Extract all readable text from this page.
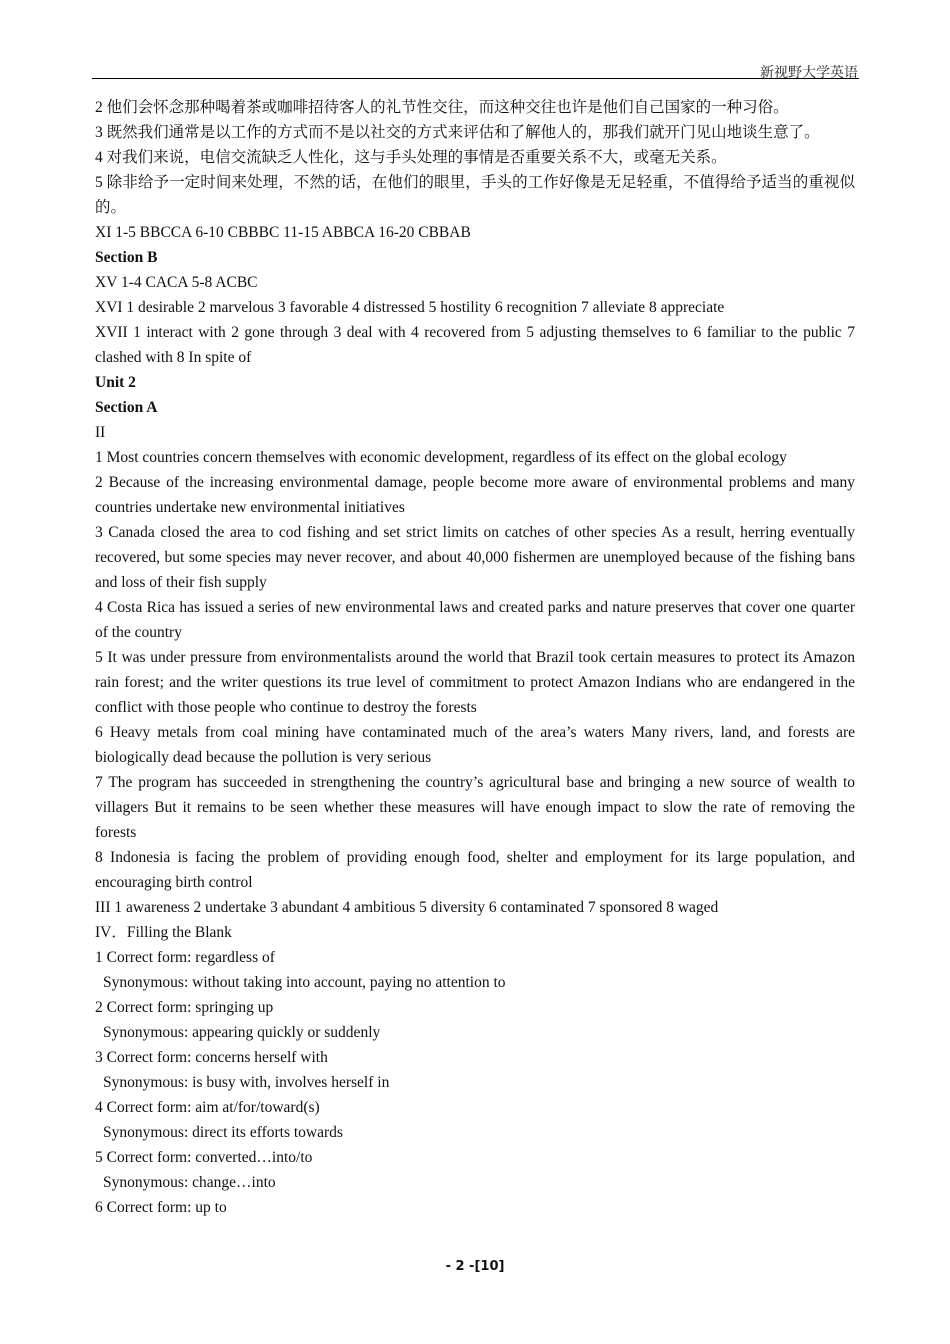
新视野大学英语

2 他们会怀念那种喝着茶或咖啡招待客人的礼节性交往，而这种交往也许是他们自己国家的一种习俗。

3 既然我们通常是以工作的方式而不是以社交的方式来评估和了解他人的，那我们就开门见山地谈生意了。

4 对我们来说，电信交流缺乏人性化，这与手头处理的事情是否重要关系不大，或毫无关系。

5 除非给予一定时间来处理，不然的话，在他们的眼里，手头的工作好像是无足轻重，不值得给予适当的重视似的。

XI 1-5 BBCCA 6-10 CBBBC 11-15 ABBCA 16-20 CBBAB

Section B

XV 1-4 CACA 5-8 ACBC

XVI 1 desirable 2 marvelous 3 favorable 4 distressed 5 hostility 6 recognition 7 alleviate 8 appreciate

XVII 1 interact with 2 gone through 3 deal with 4 recovered from 5 adjusting themselves to 6 familiar to the public 7 clashed with 8 In spite of

Unit 2

Section A

II

1 Most countries concern themselves with economic development, regardless of its effect on the global ecology

2 Because of the increasing environmental damage, people become more aware of environmental problems and many countries undertake new environmental initiatives

3 Canada closed the area to cod fishing and set strict limits on catches of other species As a result, herring eventually recovered, but some species may never recover, and about 40,000 fishermen are unemployed because of the fishing bans and loss of their fish supply

4 Costa Rica has issued a series of new environmental laws and created parks and nature preserves that cover one quarter of the country

5 It was under pressure from environmentalists around the world that Brazil took certain measures to protect its Amazon rain forest; and the writer questions its true level of commitment to protect Amazon Indians who are endangered in the conflict with those people who continue to destroy the forests

6 Heavy metals from coal mining have contaminated much of the area’s waters Many rivers, land, and forests are biologically dead because the pollution is very serious

7 The program has succeeded in strengthening the country’s agricultural base and bringing a new source of wealth to villagers But it remains to be seen whether these measures will have enough impact to slow the rate of removing the forests

8 Indonesia is facing the problem of providing enough food, shelter and employment for its large population, and encouraging birth control

III 1 awareness 2 undertake 3 abundant 4 ambitious 5 diversity 6 contaminated 7 sponsored 8 waged

IV．Filling the Blank

1 Correct form: regardless of

Synonymous: without taking into account, paying no attention to

2 Correct form: springing up

Synonymous: appearing quickly or suddenly

3 Correct form: concerns herself with

Synonymous: is busy with, involves herself in

4 Correct form: aim at/for/toward(s)

Synonymous: direct its efforts towards

5 Correct form: converted…into/to

Synonymous: change…into

6 Correct form: up to

- 2 -[10]
